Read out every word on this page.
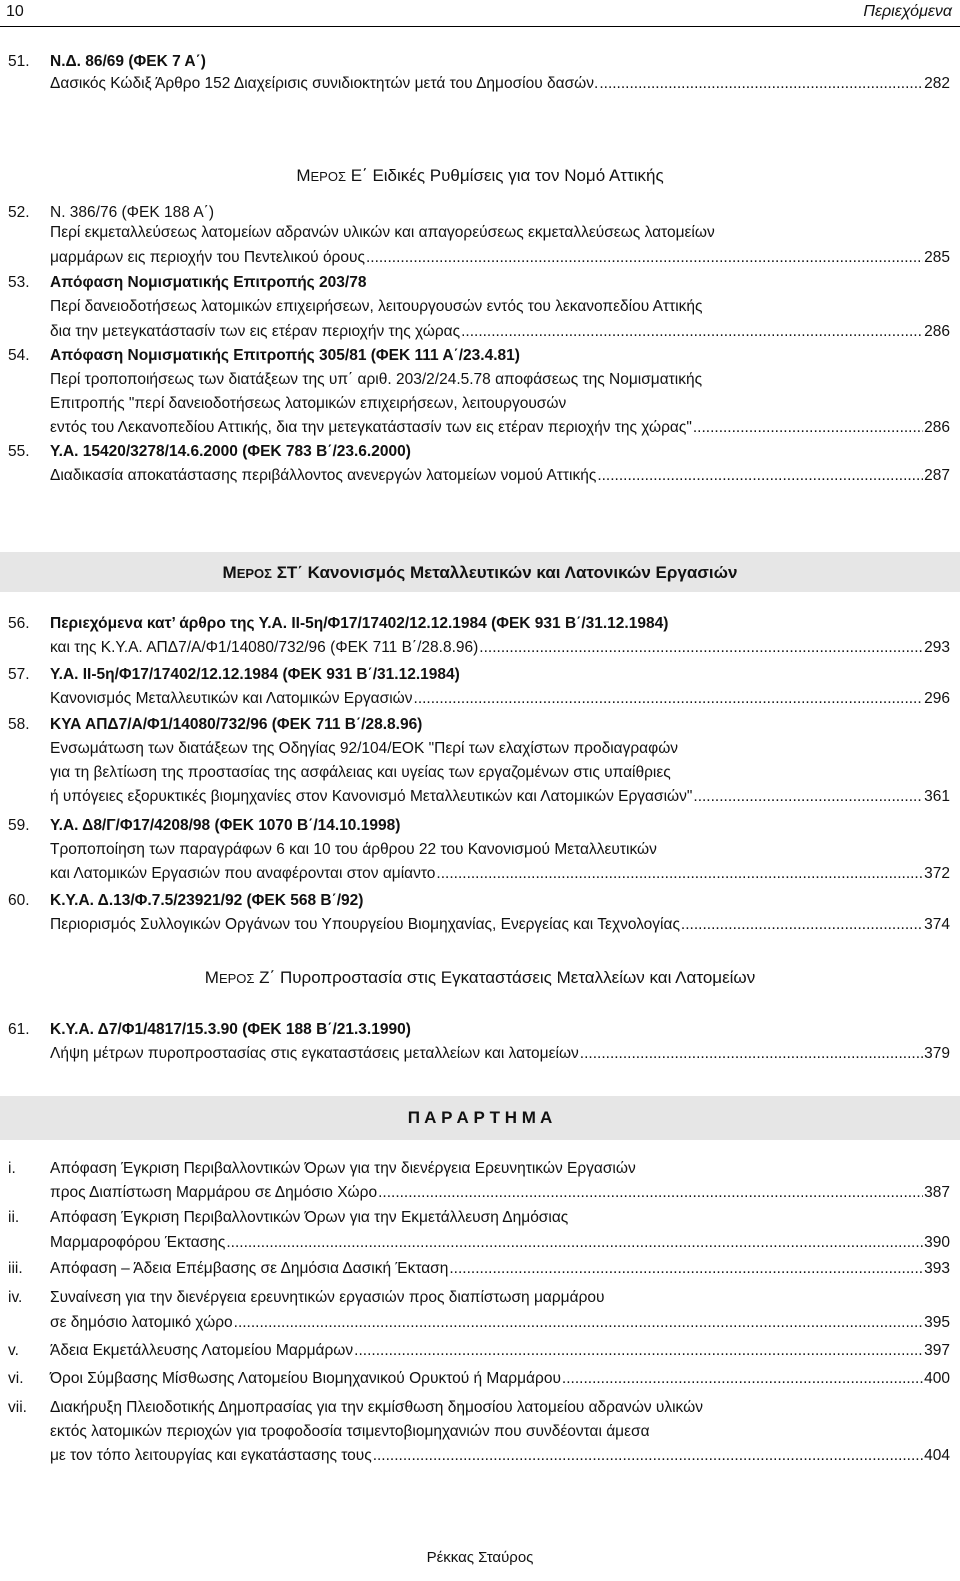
10	Περιεχόμενα
51. Ν.Δ. 86/69 (ΦΕΚ 7 Α΄)
Δασικός Κώδιξ Άρθρο 152 Διαχείρισις συνιδιοκτητών μετά του Δημοσίου δασών. .....	282
ΜΕΡΟΣ Ε΄ Ειδικές Ρυθμίσεις για τον Νομό Αττικής
52. Ν. 386/76 (ΦΕΚ 188 Α΄)
Περί εκμεταλλεύσεως λατομείων αδρανών υλικών και απαγορεύσεως εκμεταλλεύσεως λατομείων
μαρμάρων εις περιοχήν του Πεντελικού όρους .....	285
53. Απόφαση Νομισματικής Επιτροπής 203/78
Περί δανειοδοτήσεως λατομικών επιχειρήσεων, λειτουργουσών εντός του λεκανοπεδίου Αττικής
δια την μετεγκατάστασίν των εις ετέραν περιοχήν της χώρας .....	286
54. Απόφαση Νομισματικής Επιτροπής 305/81 (ΦΕΚ 111 Α΄/23.4.81)
Περί τροποποιήσεως των διατάξεων της υπ΄ αριθ. 203/2/24.5.78 αποφάσεως της Νομισματικής
Επιτροπής "περί δανειοδοτήσεως λατομικών επιχειρήσεων, λειτουργουσών
εντός του Λεκανοπεδίου Αττικής, δια την μετεγκατάστασίν των εις ετέραν περιοχήν της χώρας" .....	286
55. Υ.Α. 15420/3278/14.6.2000 (ΦΕΚ 783 Β΄/23.6.2000)
Διαδικασία αποκατάστασης περιβάλλοντος ανενεργών λατομείων νομού Αττικής .....	287
ΜΕΡΟΣ ΣΤ΄ Κανονισμός Μεταλλευτικών και Λατονικών Εργασιών
56. Περιεχόμενα κατ’ άρθρο της Υ.Α. ΙΙ-5η/Φ17/17402/12.12.1984 (ΦΕΚ 931 Β΄/31.12.1984)
και της Κ.Υ.Α. ΑΠΔ7/Α/Φ1/14080/732/96 (ΦΕΚ 711 Β΄/28.8.96) .....	293
57. Υ.Α. ΙΙ-5η/Φ17/17402/12.12.1984 (ΦΕΚ 931 Β΄/31.12.1984)
Κανονισμός Μεταλλευτικών και Λατομικών Εργασιών .....	296
58. ΚΥΑ ΑΠΔ7/Α/Φ1/14080/732/96 (ΦΕΚ 711 Β΄/28.8.96)
Ενσωμάτωση των διατάξεων της Οδηγίας 92/104/ΕΟΚ "Περί των ελαχίστων προδιαγραφών
για τη βελτίωση της προστασίας της ασφάλειας και υγείας των εργαζομένων στις υπαίθριες
ή υπόγειες εξορυκτικές βιομηχανίες στον Κανονισμό Μεταλλευτικών και Λατομικών Εργασιών" .....	361
59. Υ.Α. Δ8/Γ/Φ17/4208/98 (ΦΕΚ 1070 Β΄/14.10.1998)
Τροποποίηση των παραγράφων 6 και 10 του άρθρου 22 του Κανονισμού Μεταλλευτικών
και Λατομικών Εργασιών που αναφέρονται στον αμίαντο .....	372
60. Κ.Υ.Α. Δ.13/Φ.7.5/23921/92 (ΦΕΚ 568 Β΄/92)
Περιορισμός Συλλογικών Οργάνων του Υπουργείου Βιομηχανίας, Ενεργείας και Τεχνολογίας .....	374
ΜΕΡΟΣ Ζ΄ Πυροπροστασία στις Εγκαταστάσεις Μεταλλείων και Λατομείων
61. Κ.Υ.Α. Δ7/Φ1/4817/15.3.90 (ΦΕΚ 188 Β΄/21.3.1990)
Λήψη μέτρων πυροπροστασίας στις εγκαταστάσεις μεταλλείων και λατομείων .....	379
Π Α Ρ Α Ρ Τ Η Μ Α
i. Απόφαση Έγκριση Περιβαλλοντικών Όρων για την διενέργεια Ερευνητικών Εργασιών
προς Διαπίστωση Μαρμάρου σε Δημόσιο Χώρο .....	387
ii. Απόφαση Έγκριση Περιβαλλοντικών Όρων για την Εκμετάλλευση Δημόσιας
Μαρμαροφόρου Έκτασης .....	390
iii. Απόφαση – Άδεια Επέμβασης σε Δημόσια Δασική Έκταση .....	393
iv. Συναίνεση για την διενέργεια ερευνητικών εργασιών προς διαπίστωση μαρμάρου
σε δημόσιο λατομικό χώρο .....	395
v. Άδεια Εκμετάλλευσης Λατομείου Μαρμάρων .....	397
vi. Όροι Σύμβασης Μίσθωσης Λατομείου Βιομηχανικού Ορυκτού ή Μαρμάρου .....	400
vii. Διακήρυξη Πλειοδοτικής Δημοπρασίας για την εκμίσθωση δημοσίου λατομείου αδρανών υλικών
εκτός λατομικών περιοχών για τροφοδοσία τσιμεντοβιομηχανιών που συνδέονται άμεσα
με τον τόπο λειτουργίας και εγκατάστασης τους .....	404
Ρέκκας Σταύρος
